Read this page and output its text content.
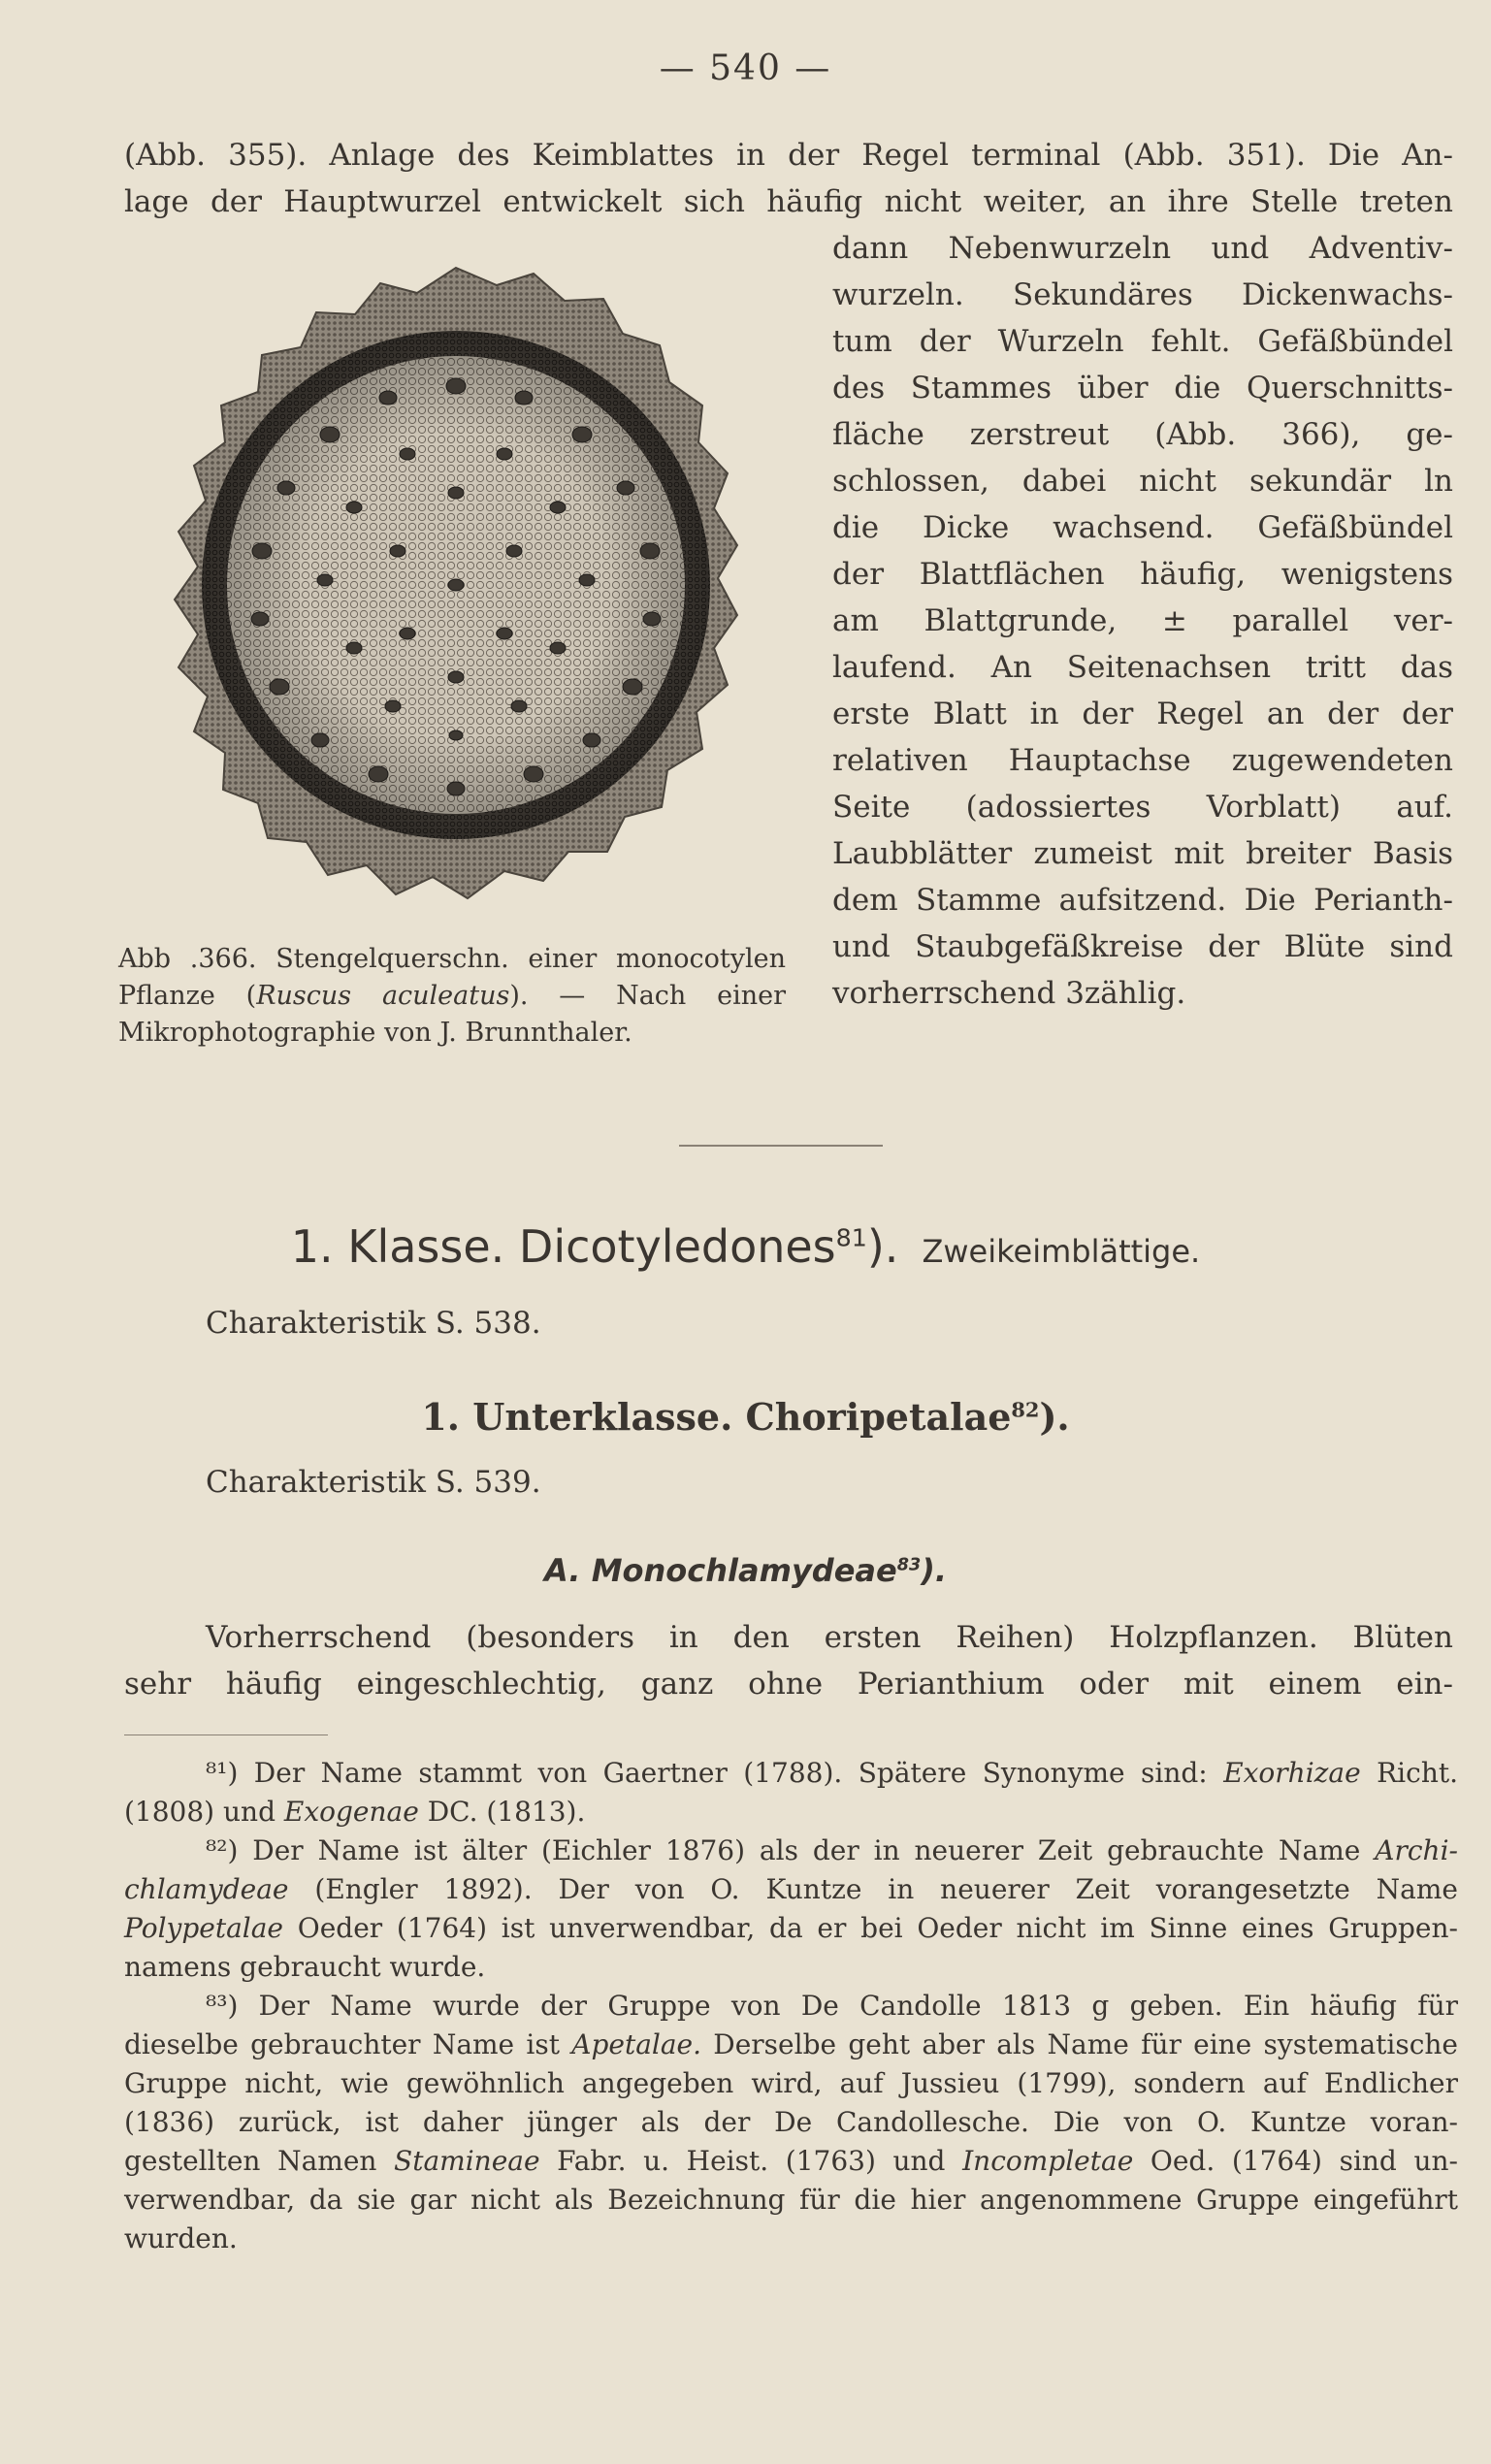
— 540 —
(Abb. 355). Anlage des Keimblattes in der Regel terminal (Abb. 351). Die An-
lage der Hauptwurzel entwickelt sich häufig nicht weiter, an ihre Stelle treten
dann Nebenwurzeln und Adventiv-
wurzeln. Sekundäres Dickenwachs-
tum der Wurzeln fehlt. Gefäßbündel
des Stammes über die Querschnitts-
fläche zerstreut (Abb. 366), ge-
schlossen, dabei nicht sekundär ln
die Dicke wachsend. Gefäßbündel
der Blattflächen häufig, wenigstens
am Blattgrunde, ± parallel ver-
laufend. An Seitenachsen tritt das
erste Blatt in der Regel an der der
relativen Hauptachse zugewendeten
Seite (adossiertes Vorblatt) auf.
Laubblätter zumeist mit breiter Basis
dem Stamme aufsitzend. Die Perianth-
und Staubgefäßkreise der Blüte sind
vorherrschend 3zählig.
Abb .366. Stengelquerschn. einer monocotylen
Pflanze (Ruscus aculeatus). — Nach einer
Mikrophotographie von J. Brunnthaler.
1. Klasse. Dicotyledones$^{81}$). Zweikeimblättige.
Charakteristik S. 538.
1. Unterklasse. Choripetalae$^{82}$).
Charakteristik S. 539.
A. Monochlamydeae$^{83}$).
Vorherrschend (besonders in den ersten Reihen) Holzpflanzen. Blüten
sehr häufig eingeschlechtig, ganz ohne Perianthium oder mit einem ein-
⁸¹) Der Name stammt von Gaertner (1788). Spätere Synonyme sind: Exorhizae Richt.
(1808) und Exogenae DC. (1813).
⁸²) Der Name ist älter (Eichler 1876) als der in neuerer Zeit gebrauchte Name Archi-
chlamydeae (Engler 1892). Der von O. Kuntze in neuerer Zeit vorangesetzte Name
Polypetalae Oeder (1764) ist unverwendbar, da er bei Oeder nicht im Sinne eines Gruppen-
namens gebraucht wurde.
⁸³) Der Name wurde der Gruppe von De Candolle 1813 g geben. Ein häufig für
dieselbe gebrauchter Name ist Apetalae. Derselbe geht aber als Name für eine systematische
Gruppe nicht, wie gewöhnlich angegeben wird, auf Jussieu (1799), sondern auf Endlicher
(1836) zurück, ist daher jünger als der De Candollesche. Die von O. Kuntze voran-
gestellten Namen Stamineae Fabr. u. Heist. (1763) und Incompletae Oed. (1764) sind un-
verwendbar, da sie gar nicht als Bezeichnung für die hier angenommene Gruppe eingeführt
wurden.
